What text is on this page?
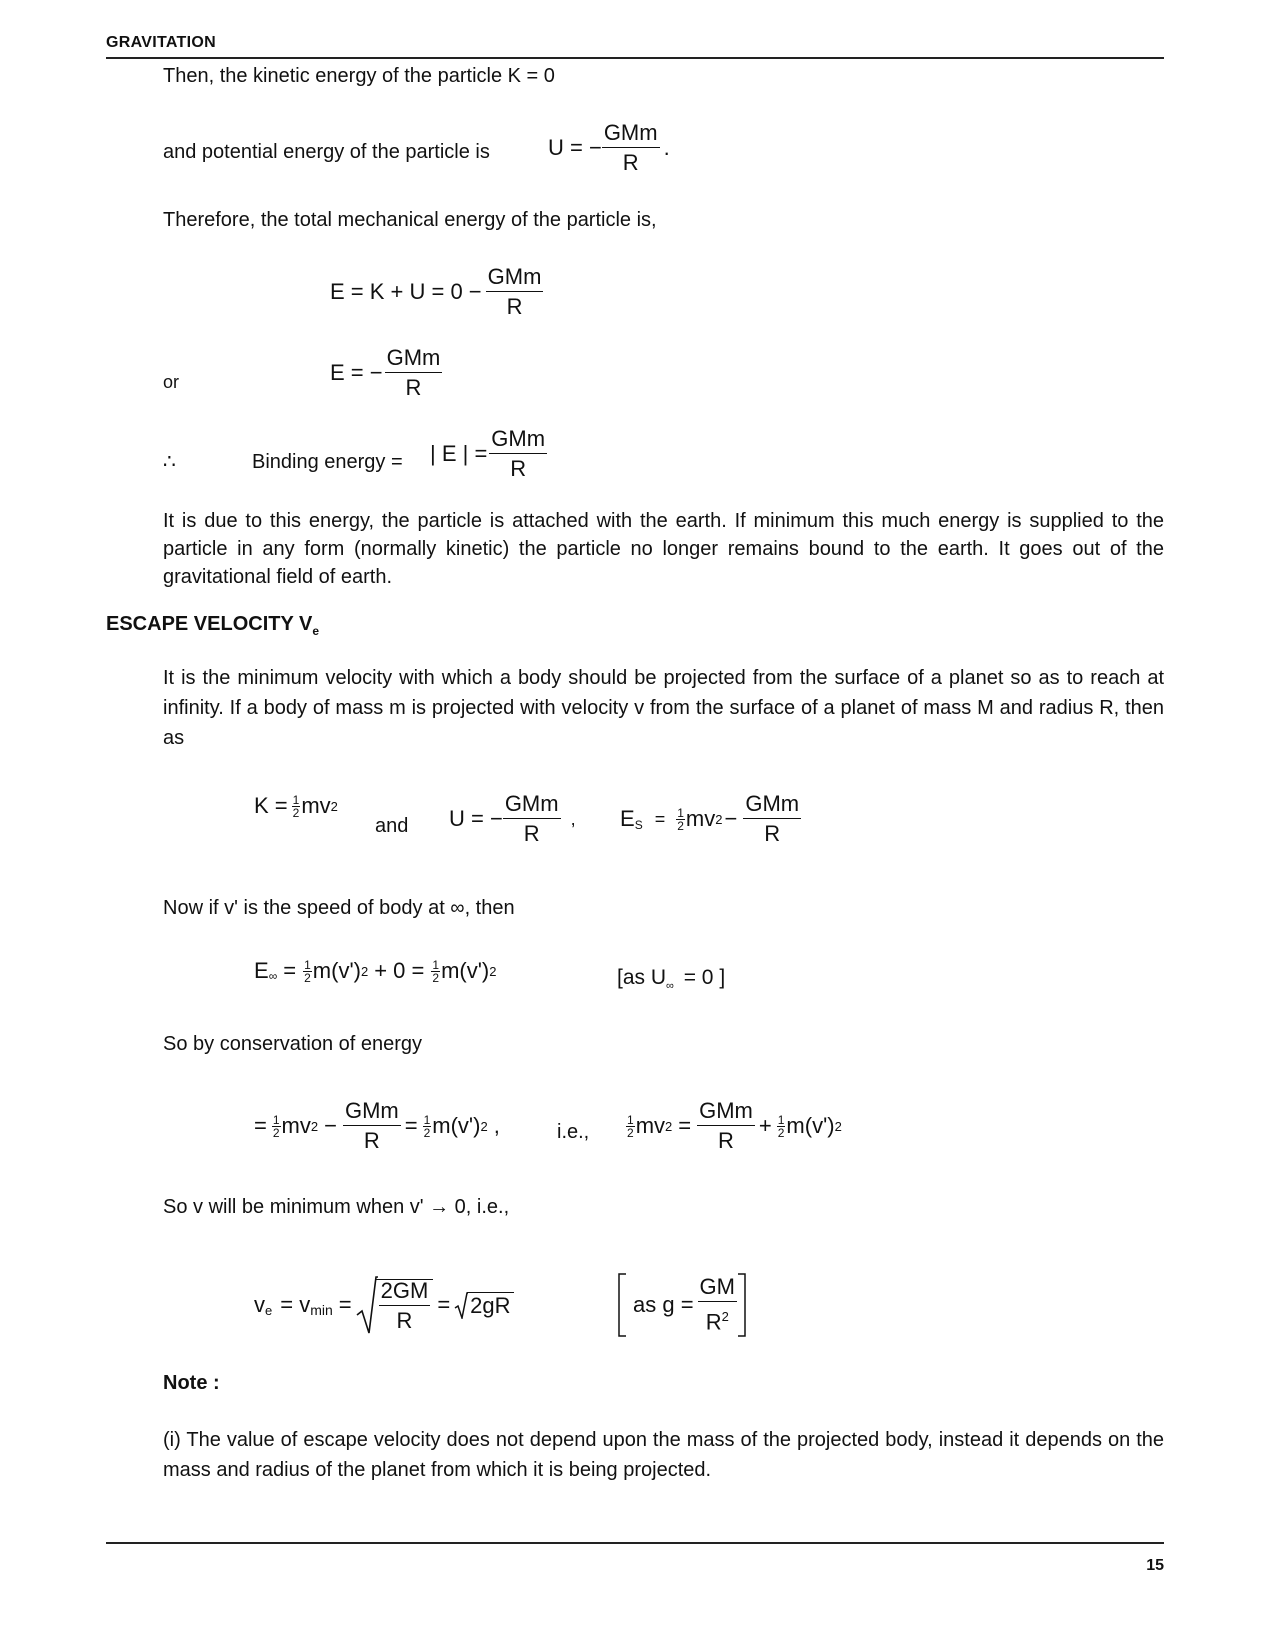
GRAVITATION
Then, the kinetic energy of the particle K = 0
and potential energy of the particle is	U = − $\frac{\text{GMm}}{R}$ .
Therefore, the total mechanical energy of the particle is,
$E = K + U = 0 - \frac{\text{GMm}}{R}$
or	E = − $\frac{\text{GMm}}{R}$
∴	Binding energy = | E | = $\frac{\text{GMm}}{R}$
It is due to this energy, the particle is attached with the earth. If minimum this much energy is supplied to the particle in any form (normally kinetic) the particle no longer remains bound to the earth. It goes out of the gravitational field of earth.
ESCAPE VELOCITY $V_e$
It is the minimum velocity with which a body should be projected from the surface of a planet so as to reach at infinity. If a body of mass m is projected with velocity v from the surface of a planet of mass M and radius R, then as
$K = \frac{1}{2}$ mv 2
and U = − $\frac{\text{GMm}}{R}$ , $E_S = \frac{1}{2}$ mv $2 - \frac{\text{GMm}}{R}$
Now if v' is the speed of body at ∞, then
$E_\infty = \frac{1}{2} m(v') 2 + 0 = \frac{1}{2} m(v')$ 2	[as $U_\infty = 0$ ]
So by conservation of energy
= $\frac{1}{2}$ mv $2 - \frac{\text{GMm}}{R} = \frac{1}{2} m(v')$ 2 ,	i.e.,	$\frac{1}{2}$ mv $2 = \frac{\text{GMm}}{R} + \frac{1}{2} m(v')$ 2
So v will be minimum when v' → 0, i.e.,
$v_e = v_{min} = \frac{2GM}{R} = 2gR$	as $g = \frac{GM}{R^2}$
Note :
(i) The value of escape velocity does not depend upon the mass of the projected body, instead it depends on the mass and radius of the planet from which it is being projected.
15
